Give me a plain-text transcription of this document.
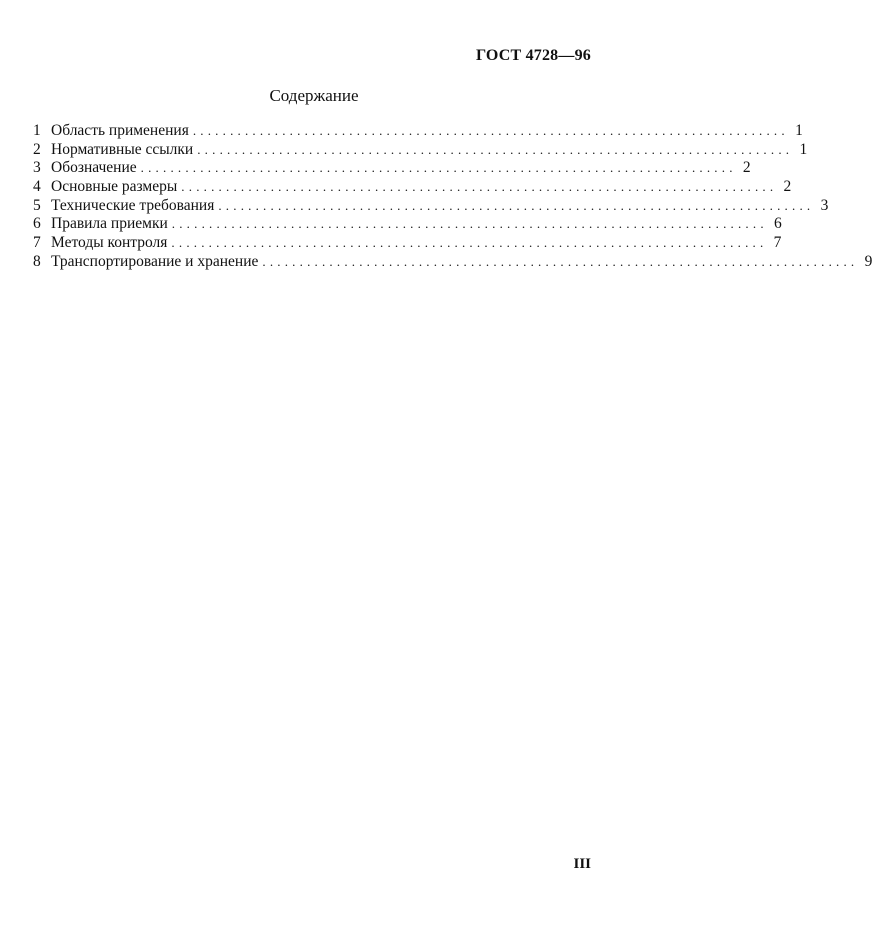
ГОСТ 4728—96
Содержание
1 Область применения ................................................................................ 1
2 Нормативные ссылки ................................................................................ 1
3 Обозначение ................................................................................ 2
4 Основные размеры ................................................................................ 2
5 Технические требования ................................................................................ 3
6 Правила приемки ................................................................................ 6
7 Методы контроля ................................................................................ 7
8 Транспортирование и хранение ................................................................................ 9
III
